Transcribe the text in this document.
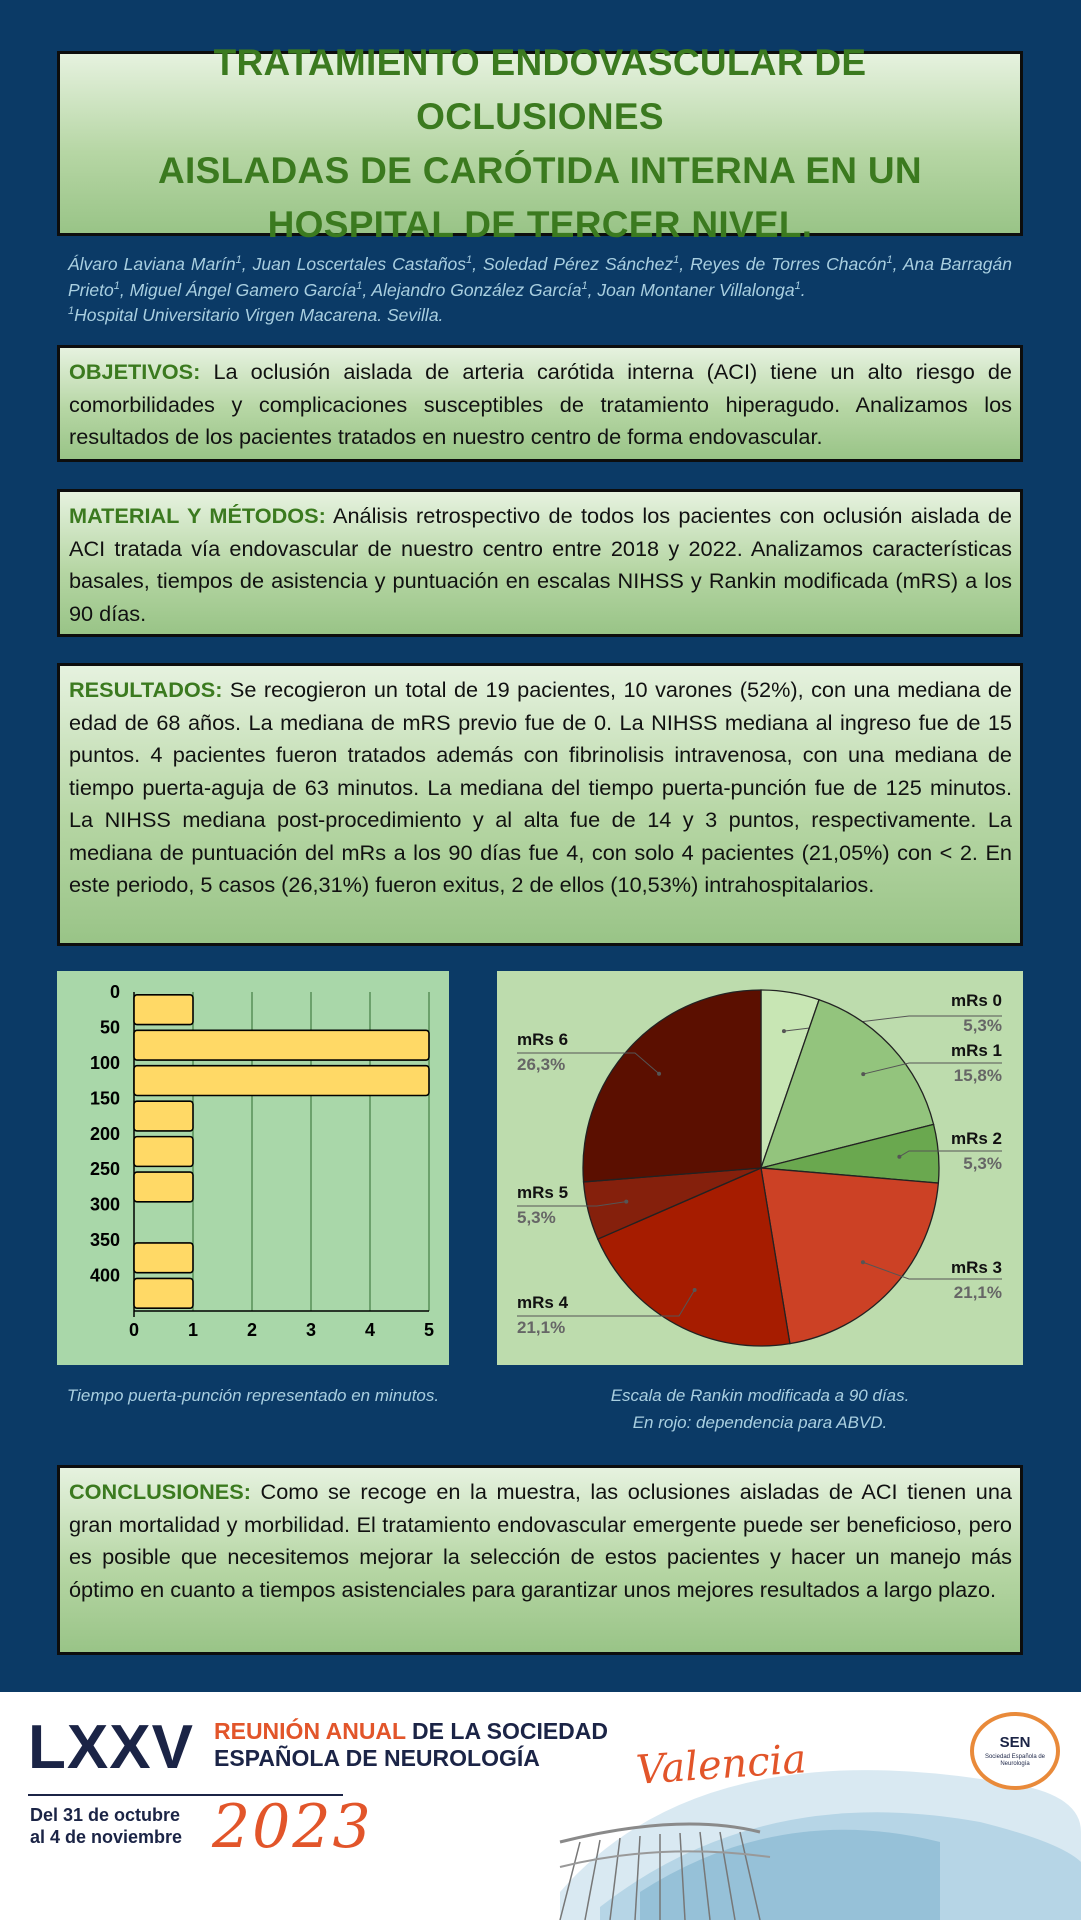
TRATAMIENTO ENDOVASCULAR DE OCLUSIONES
AISLADAS DE CARÓTIDA INTERNA EN UN
HOSPITAL DE TERCER NIVEL.
Álvaro Laviana Marín$^1$, Juan Loscertales Castaños$^1$, Soledad Pérez Sánchez$^1$, Reyes de Torres Chacón$^1$, Ana Barragán Prieto$^1$, Miguel Ángel Gamero García$^1$, Alejandro González García$^1$, Joan Montaner Villalonga$^1$.
$^1$Hospital Universitario Virgen Macarena. Sevilla.

OBJETIVOS: La oclusión aislada de arteria carótida interna (ACI) tiene un alto riesgo de comorbilidades y complicaciones susceptibles de tratamiento hiperagudo. Analizamos los resultados de los pacientes tratados en nuestro centro de forma endovascular.

MATERIAL Y MÉTODOS: Análisis retrospectivo de todos los pacientes con oclusión aislada de ACI tratada vía endovascular de nuestro centro entre 2018 y 2022. Analizamos características basales, tiempos de asistencia y puntuación en escalas NIHSS y Rankin modificada (mRS) a los 90 días.

RESULTADOS: Se recogieron un total de 19 pacientes, 10 varones (52%), con una mediana de edad de 68 años. La mediana de mRS previo fue de 0. La NIHSS mediana al ingreso fue de 15 puntos. 4 pacientes fueron tratados además con fibrinolisis intravenosa, con una mediana de tiempo puerta-aguja de 63 minutos. La mediana del tiempo puerta-punción fue de 125 minutos. La NIHSS mediana post-procedimiento y al alta fue de 14 y 3 puntos, respectivamente. La mediana de puntuación del mRs a los 90 días fue 4, con solo 4 pacientes (21,05%) con < 2. En este periodo, 5 casos (26,31%) fueron exitus, 2 de ellos (10,53%) intrahospitalarios.

0
50
100
150
200
250
300
350
400
0	1	2	3	4	5
mRs 0
5,3%
mRs 1
15,8%
mRs 2
5,3%
mRs 3
21,1%
mRs 4
21,1%
mRs 5
5,3%
mRs 6
26,3%
Tiempo puerta-punción representado en minutos.	Escala de Rankin modificada a 90 días.
En rojo: dependencia para ABVD.

CONCLUSIONES: Como se recoge en la muestra, las oclusiones aisladas de ACI tienen una gran mortalidad y morbilidad. El tratamiento endovascular emergente puede ser beneficioso, pero es posible que necesitemos mejorar la selección de estos pacientes y hacer un manejo más óptimo en cuanto a tiempos asistenciales para garantizar unos mejores resultados a largo plazo.

LXXV REUNIÓN ANUAL DE LA SOCIEDAD
ESPAÑOLA DE NEUROLOGÍA
Del 31 de octubre
al 4 de noviembre 2023
Valencia	SEN
Sociedad Española de Neurología
